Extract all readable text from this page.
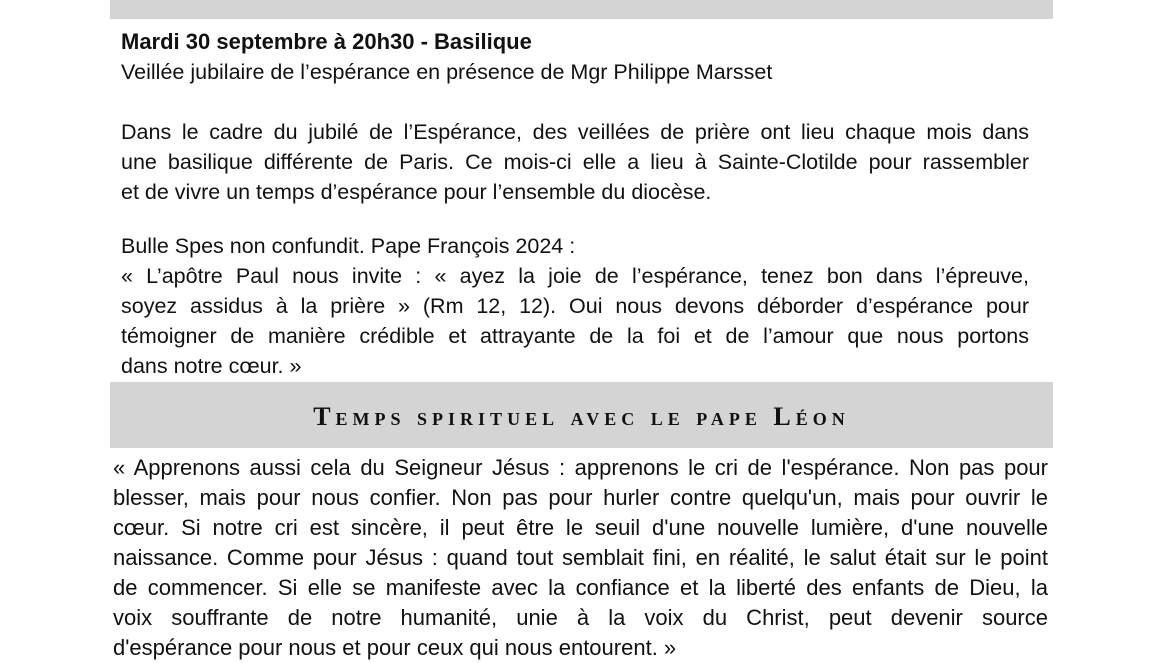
Mardi 30 septembre à 20h30 - Basilique
Veillée jubilaire de l’espérance en présence de Mgr Philippe Marsset
Dans le cadre du jubilé de l’Espérance, des veillées de prière ont lieu chaque mois dans
une basilique différente de Paris. Ce mois-ci elle a lieu à Sainte-Clotilde pour rassembler
et de vivre un temps d’espérance pour l’ensemble du diocèse.
Bulle Spes non confundit. Pape François 2024 :
« L’apôtre Paul nous invite : « ayez la joie de l’espérance, tenez bon dans l’épreuve,
soyez assidus à la prière » (Rm 12, 12). Oui nous devons déborder d’espérance pour
témoigner de manière crédible et attrayante de la foi et de l’amour que nous portons
dans notre cœur. »
Temps spirituel avec le pape Léon
« Apprenons aussi cela du Seigneur Jésus : apprenons le cri de l'espérance. Non pas pour
blesser, mais pour nous confier. Non pas pour hurler contre quelqu'un, mais pour ouvrir le
cœur. Si notre cri est sincère, il peut être le seuil d'une nouvelle lumière, d'une nouvelle
naissance. Comme pour Jésus : quand tout semblait fini, en réalité, le salut était sur le point
de commencer. Si elle se manifeste avec la confiance et la liberté des enfants de Dieu, la
voix souffrante de notre humanité, unie à la voix du Christ, peut devenir source
d'espérance pour nous et pour ceux qui nous entourent. »
